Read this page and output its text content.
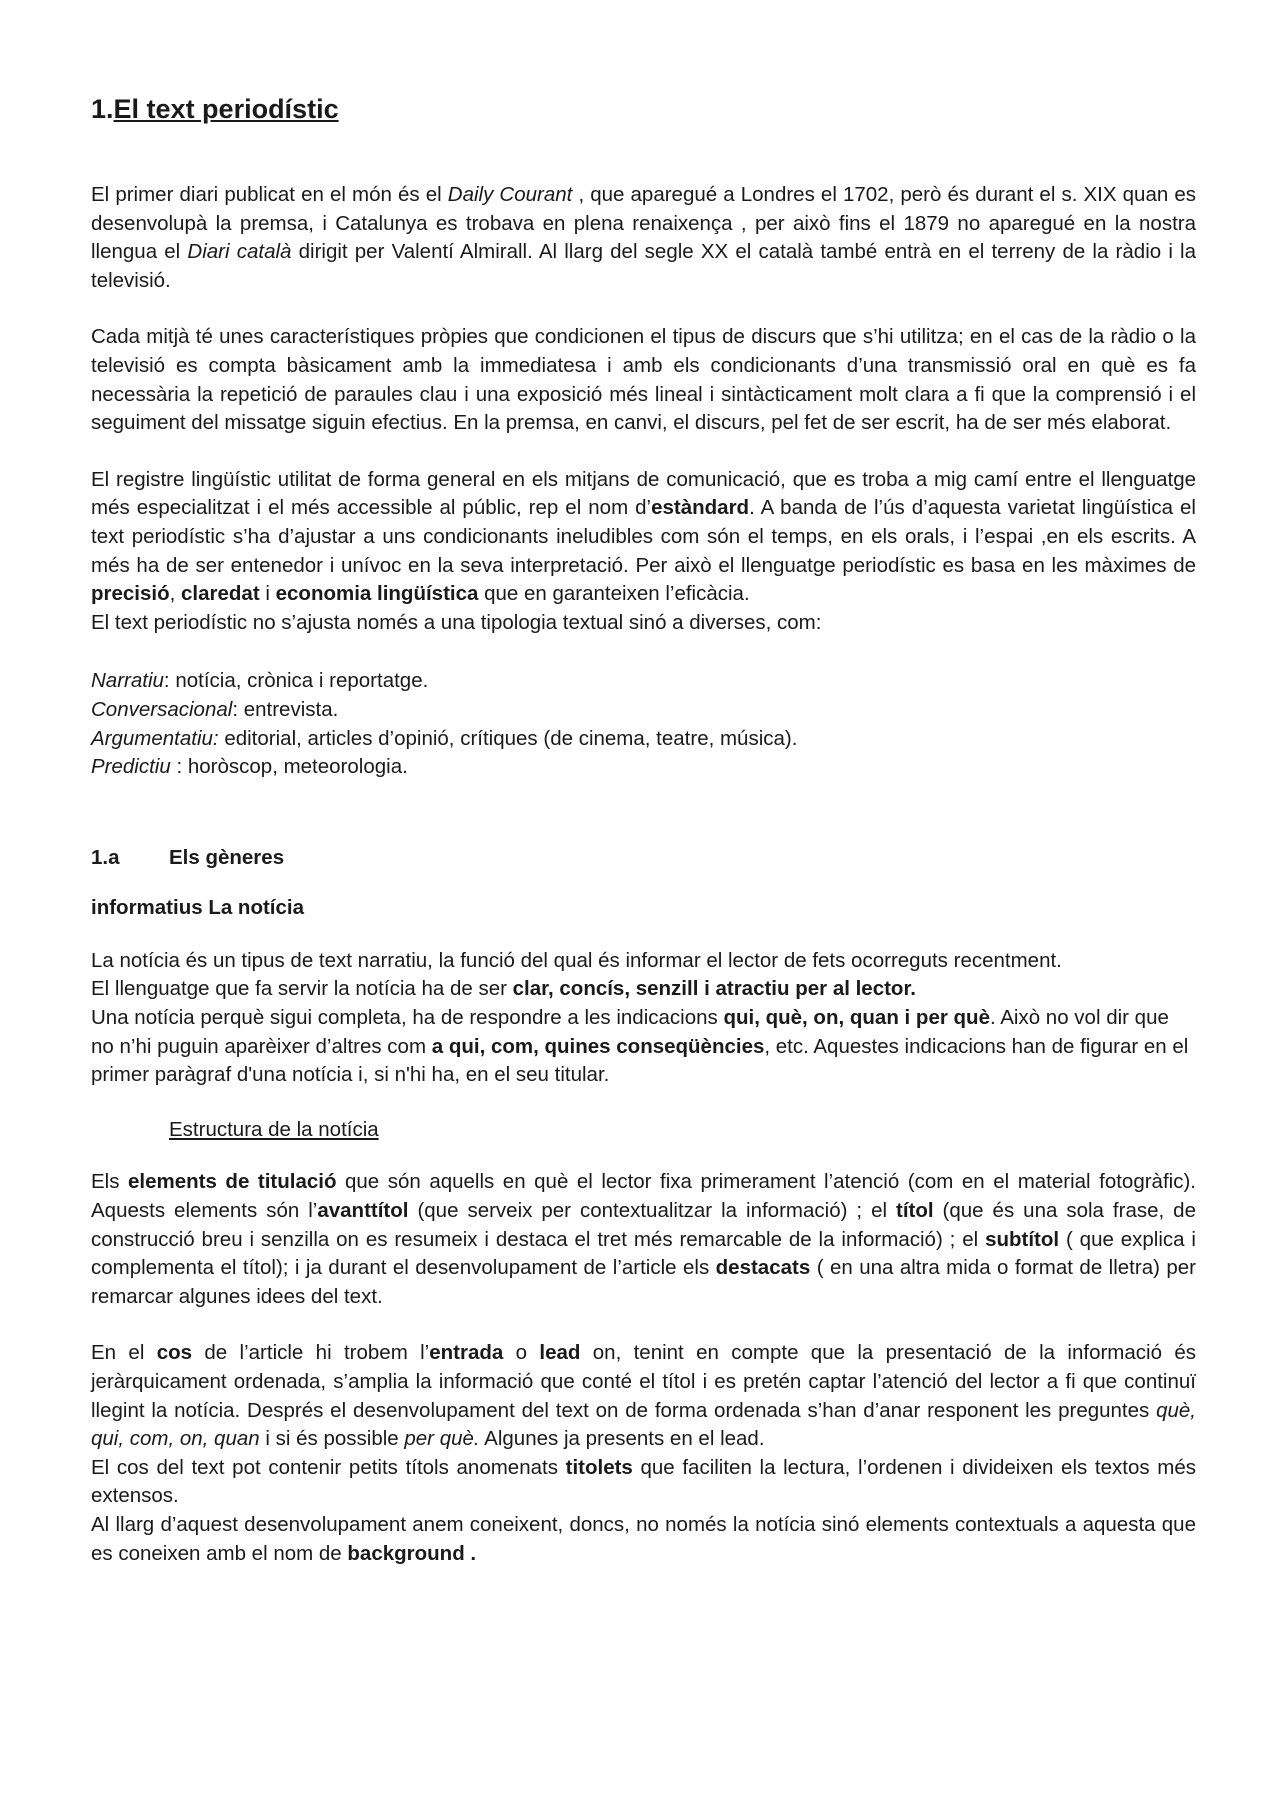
1.El text periodístic

El primer diari publicat en el món és el Daily Courant , que aparegué a Londres el 1702, però és durant el s. XIX quan es desenvolupà la premsa, i Catalunya es trobava en plena renaixença , per això fins el 1879 no aparegué en la nostra llengua el Diari català dirigit per Valentí Almirall. Al llarg del segle XX el català també entrà en el terreny de la ràdio i la televisió.

Cada mitjà té unes característiques pròpies que condicionen el tipus de discurs que s’hi utilitza; en el cas de la ràdio o la televisió es compta bàsicament amb la immediatesa i amb els condicionants d’una transmissió oral en què es fa necessària la repetició de paraules clau i una exposició més lineal i sintàcticament molt clara a fi que la comprensió i el seguiment del missatge siguin efectius. En la premsa, en canvi, el discurs, pel fet de ser escrit, ha de ser més elaborat.

El registre lingüístic utilitat de forma general en els mitjans de comunicació, que es troba a mig camí entre el llenguatge més especialitzat i el més accessible al públic, rep el nom d’estàndard. A banda de l’ús d’aquesta varietat lingüística el text periodístic s’ha d’ajustar a uns condicionants ineludibles com són el temps, en els orals, i l’espai ,en els escrits. A més ha de ser entenedor i unívoc en la seva interpretació. Per això el llenguatge periodístic es basa en les màximes de precisió, claredat i economia lingüística que en garanteixen l’eficàcia.

El text periodístic no s’ajusta només a una tipologia textual sinó a diverses, com:

Narratiu: notícia, crònica i reportatge.

Conversacional: entrevista.

Argumentatiu: editorial, articles d’opinió, crítiques (de cinema, teatre, música).

Predictiu : horòscop, meteorologia.

1.a	Els gèneres

informatius La notícia

La notícia és un tipus de text narratiu, la funció del qual és informar el lector de fets ocorreguts recentment.

El llenguatge que fa servir la notícia ha de ser clar, concís, senzill i atractiu per al lector.

Una notícia perquè sigui completa, ha de respondre a les indicacions qui, què, on, quan i per què. Això no vol dir que no n’hi puguin aparèixer d’altres com a qui, com, quines conseqüències, etc. Aquestes indicacions han de figurar en el primer paràgraf d'una notícia i, si n'hi ha, en el seu titular.

Estructura de la notícia

Els elements de titulació que són aquells en què el lector fixa primerament l’atenció (com en el material fotogràfic). Aquests elements són l’avanttítol (que serveix per contextualitzar la informació) ; el títol (que és una sola frase, de construcció breu i senzilla on es resumeix i destaca el tret més remarcable de la informació) ; el subtítol ( que explica i complementa el títol); i ja durant el desenvolupament de l’article els destacats ( en una altra mida o format de lletra) per remarcar algunes idees del text.

En el cos de l’article hi trobem l’entrada o lead on, tenint en compte que la presentació de la informació és jeràrquicament ordenada, s’amplia la informació que conté el títol i es pretén captar l’atenció del lector a fi que continuï llegint la notícia. Després el desenvolupament del text on de forma ordenada s’han d’anar responent les preguntes què, qui, com, on, quan i si és possible per què. Algunes ja presents en el lead.

El cos del text pot contenir petits títols anomenats titolets que faciliten la lectura, l’ordenen i divideixen els textos més extensos.

Al llarg d’aquest desenvolupament anem coneixent, doncs, no només la notícia sinó elements contextuals a aquesta que es coneixen amb el nom de background .
